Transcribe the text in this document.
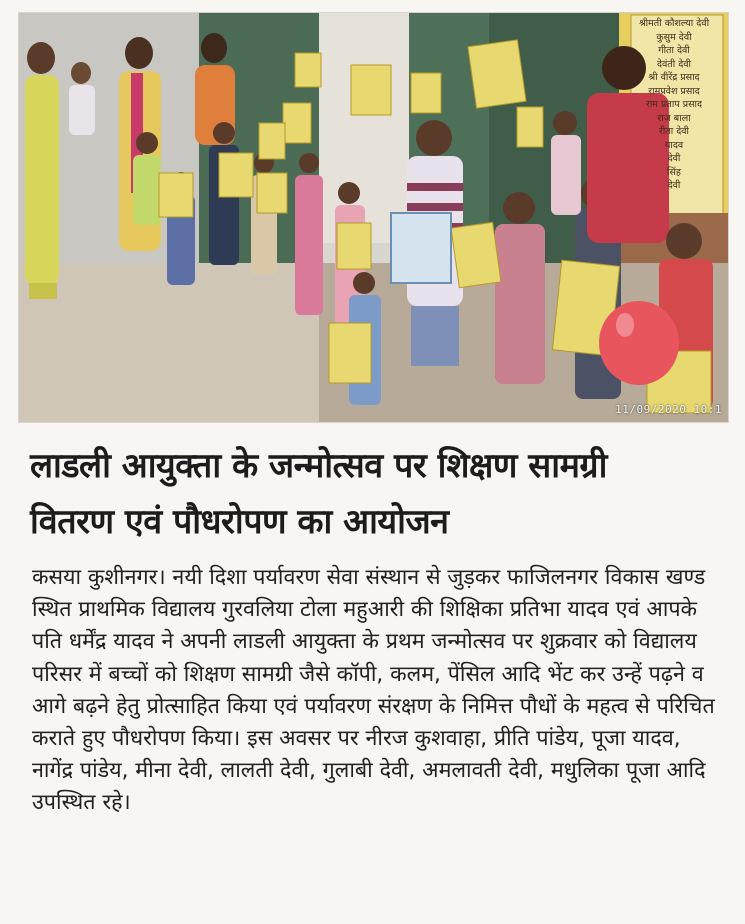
श्रीमती कौशल्या देवी
कुसुम देवी
गीता देवी
देवंती देवी
श्री वीरेंद्र प्रसाद
रामप्रवेश प्रसाद
राम प्रताप प्रसाद
राज बाला
रीता देवी
यादव
देवी
सिंह
देवी
11/09/2020 10:1
लाडली आयुक्ता के जन्मोत्सव पर शिक्षण सामग्री
वितरण एवं पौधरोपण का आयोजन
कसया कुशीनगर। नयी दिशा पर्यावरण सेवा संस्थान से जुड़कर फाजिलनगर विकास खण्ड स्थित प्राथमिक विद्यालय गुरवलिया टोला महुआरी की शिक्षिका प्रतिभा यादव एवं आपके पति धर्मेंद्र यादव ने अपनी लाडली आयुक्ता के प्रथम जन्मोत्सव पर शुक्रवार को विद्यालय परिसर में बच्चों को शिक्षण सामग्री जैसे कॉपी, कलम, पेंसिल आदि भेंट कर उन्हें पढ़ने व आगे बढ़ने हेतु प्रोत्साहित किया एवं पर्यावरण संरक्षण के निमित्त पौधों के महत्व से परिचित कराते हुए पौधरोपण किया। इस अवसर पर नीरज कुशवाहा, प्रीति पांडेय, पूजा यादव, नागेंद्र पांडेय, मीना देवी, लालती देवी, गुलाबी देवी, अमलावती देवी, मधुलिका पूजा आदि उपस्थित रहे।
